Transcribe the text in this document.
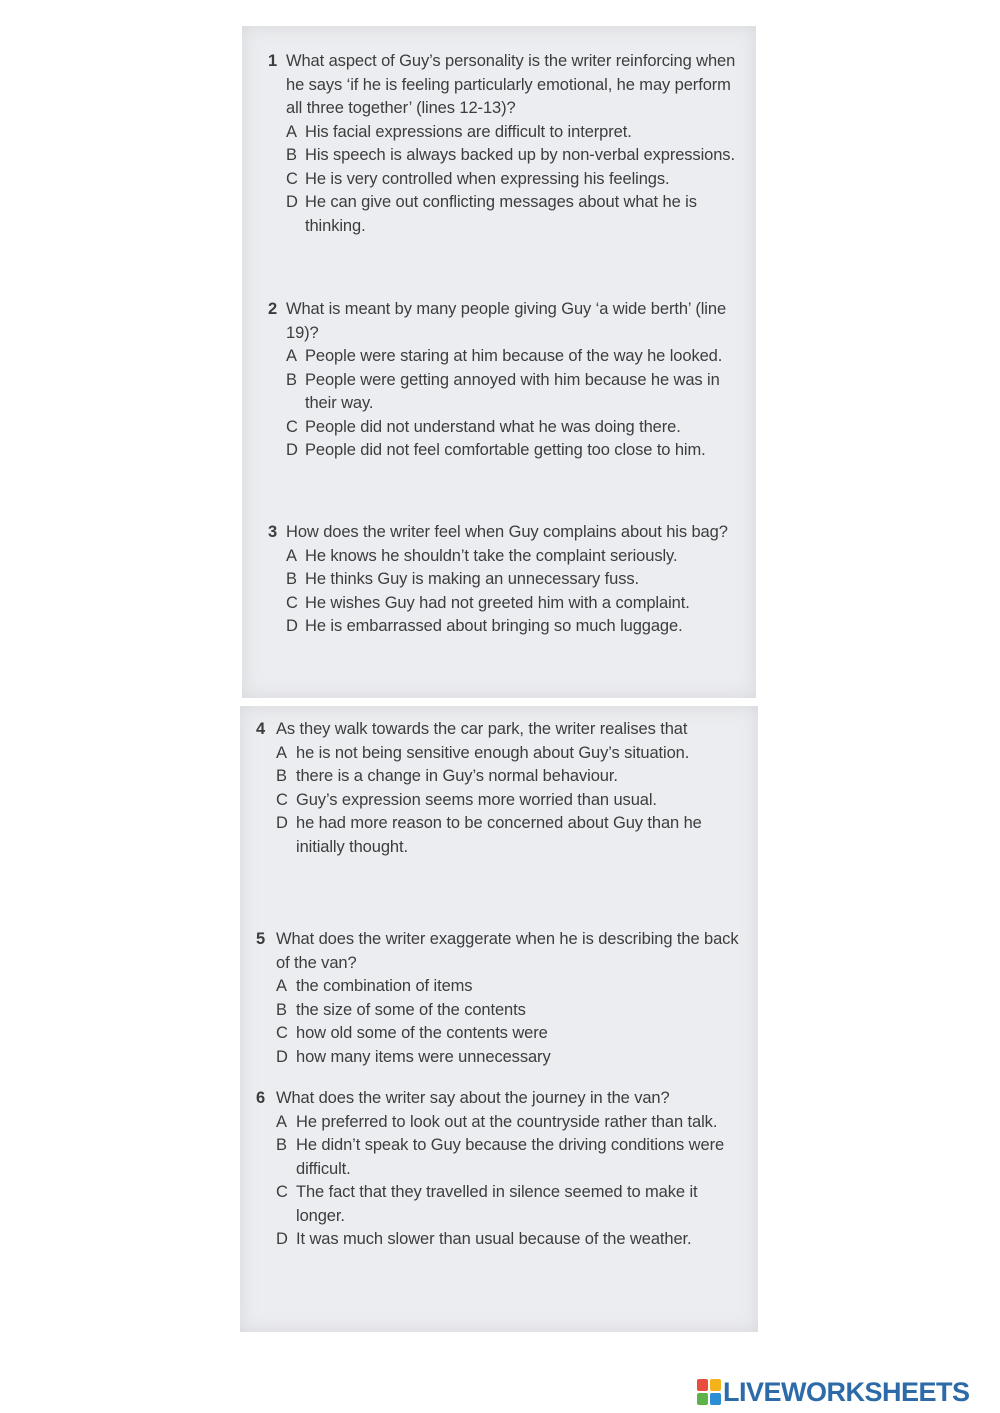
1 What aspect of Guy’s personality is the writer reinforcing when he says ‘if he is feeling particularly emotional, he may perform all three together’ (lines 12-13)?
A His facial expressions are difficult to interpret.
B His speech is always backed up by non-verbal expressions.
C He is very controlled when expressing his feelings.
D He can give out conflicting messages about what he is thinking.
2 What is meant by many people giving Guy ‘a wide berth’ (line 19)?
A People were staring at him because of the way he looked.
B People were getting annoyed with him because he was in their way.
C People did not understand what he was doing there.
D People did not feel comfortable getting too close to him.
3 How does the writer feel when Guy complains about his bag?
A He knows he shouldn’t take the complaint seriously.
B He thinks Guy is making an unnecessary fuss.
C He wishes Guy had not greeted him with a complaint.
D He is embarrassed about bringing so much luggage.
4 As they walk towards the car park, the writer realises that
A he is not being sensitive enough about Guy’s situation.
B there is a change in Guy’s normal behaviour.
C Guy’s expression seems more worried than usual.
D he had more reason to be concerned about Guy than he initially thought.
5 What does the writer exaggerate when he is describing the back of the van?
A the combination of items
B the size of some of the contents
C how old some of the contents were
D how many items were unnecessary
6 What does the writer say about the journey in the van?
A He preferred to look out at the countryside rather than talk.
B He didn’t speak to Guy because the driving conditions were difficult.
C The fact that they travelled in silence seemed to make it longer.
D It was much slower than usual because of the weather.
LIVEWORKSHEETS
